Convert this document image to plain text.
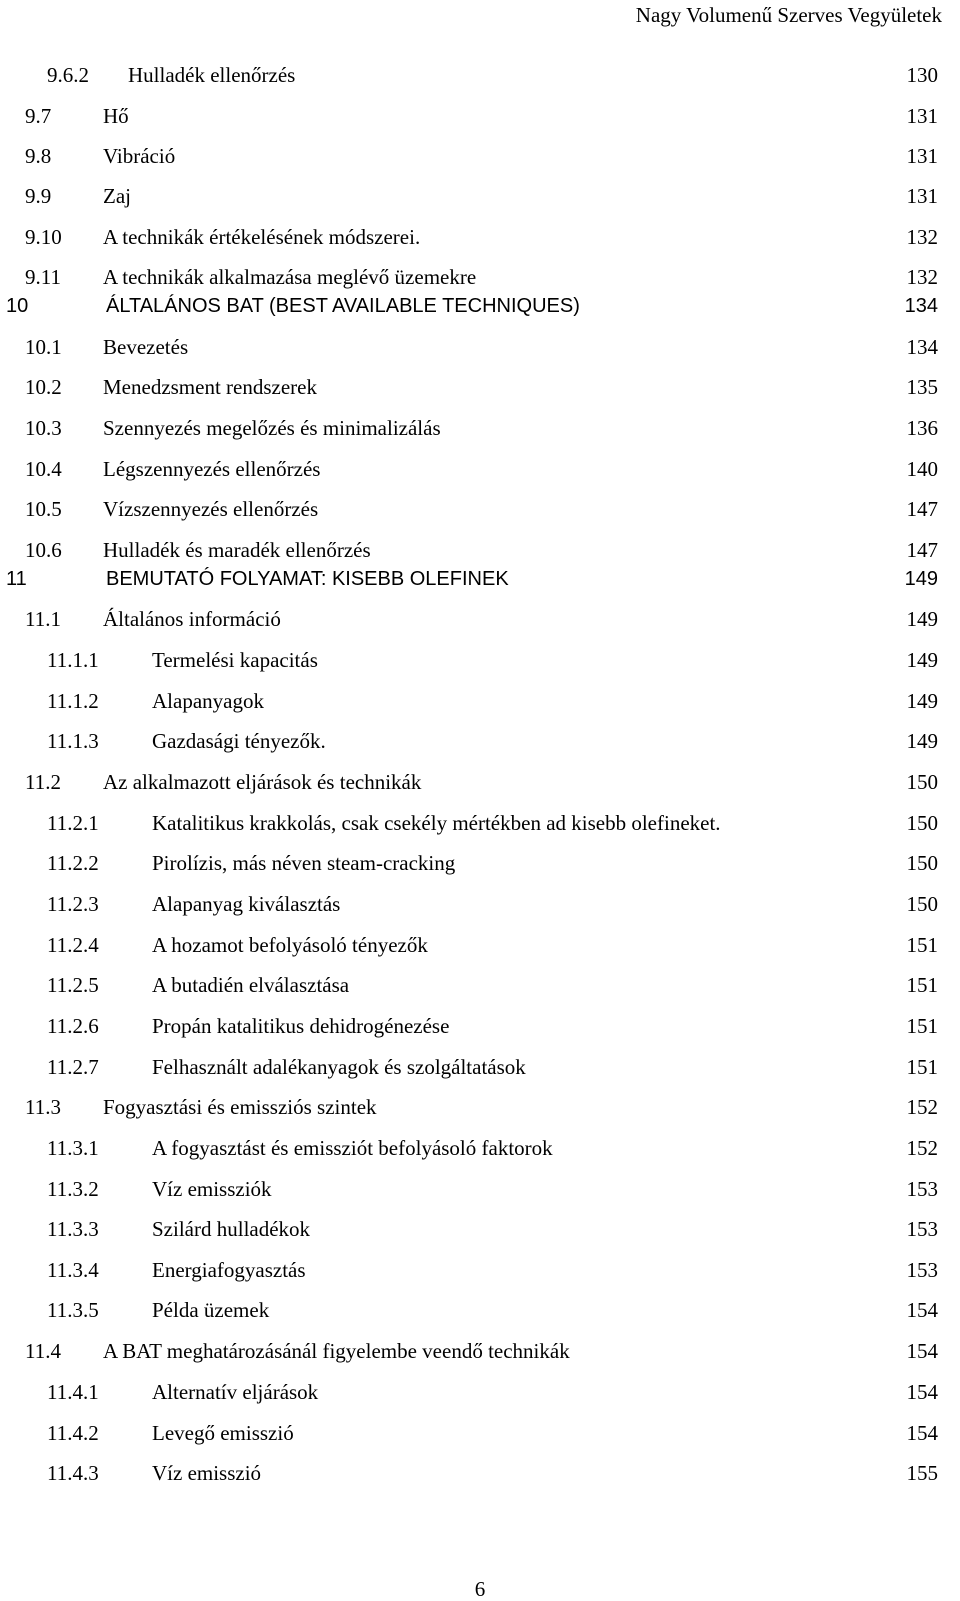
Nagy Volumenű Szerves Vegyületek
9.6.2 Hulladék ellenőrzés	130
9.7 Hő	131
9.8 Vibráció	131
9.9 Zaj	131
9.10 A technikák értékelésének módszerei.	132
9.11 A technikák alkalmazása meglévő üzemekre	132
10	ÁLTALÁNOS BAT (BEST AVAILABLE TECHNIQUES)	134
10.1 Bevezetés	134
10.2 Menedzsment rendszerek	135
10.3 Szennyezés megelőzés és minimalizálás	136
10.4 Légszennyezés ellenőrzés	140
10.5 Vízszennyezés ellenőrzés	147
10.6 Hulladék és maradék ellenőrzés	147
11	BEMUTATÓ FOLYAMAT: KISEBB OLEFINEK	149
11.1 Általános információ	149
11.1.1	Termelési kapacitás	149
11.1.2	Alapanyagok	149
11.1.3	Gazdasági tényezők.	149
11.2 Az alkalmazott eljárások és technikák	150
11.2.1	Katalitikus krakkolás, csak csekély mértékben ad kisebb olefineket.	150
11.2.2	Pirolízis, más néven steam-cracking	150
11.2.3	Alapanyag kiválasztás	150
11.2.4	A hozamot befolyásoló tényezők	151
11.2.5	A butadién elválasztása	151
11.2.6	Propán katalitikus dehidrogénezése	151
11.2.7	Felhasznált adalékanyagok és szolgáltatások	151
11.3 Fogyasztási és emissziós szintek	152
11.3.1	A fogyasztást és emissziót befolyásoló faktorok	152
11.3.2	Víz emissziók	153
11.3.3	Szilárd hulladékok	153
11.3.4	Energiafogyasztás	153
11.3.5	Példa üzemek	154
11.4 A BAT meghatározásánál figyelembe veendő technikák	154
11.4.1	Alternatív eljárások	154
11.4.2	Levegő emisszió	154
11.4.3	Víz emisszió	155
6
